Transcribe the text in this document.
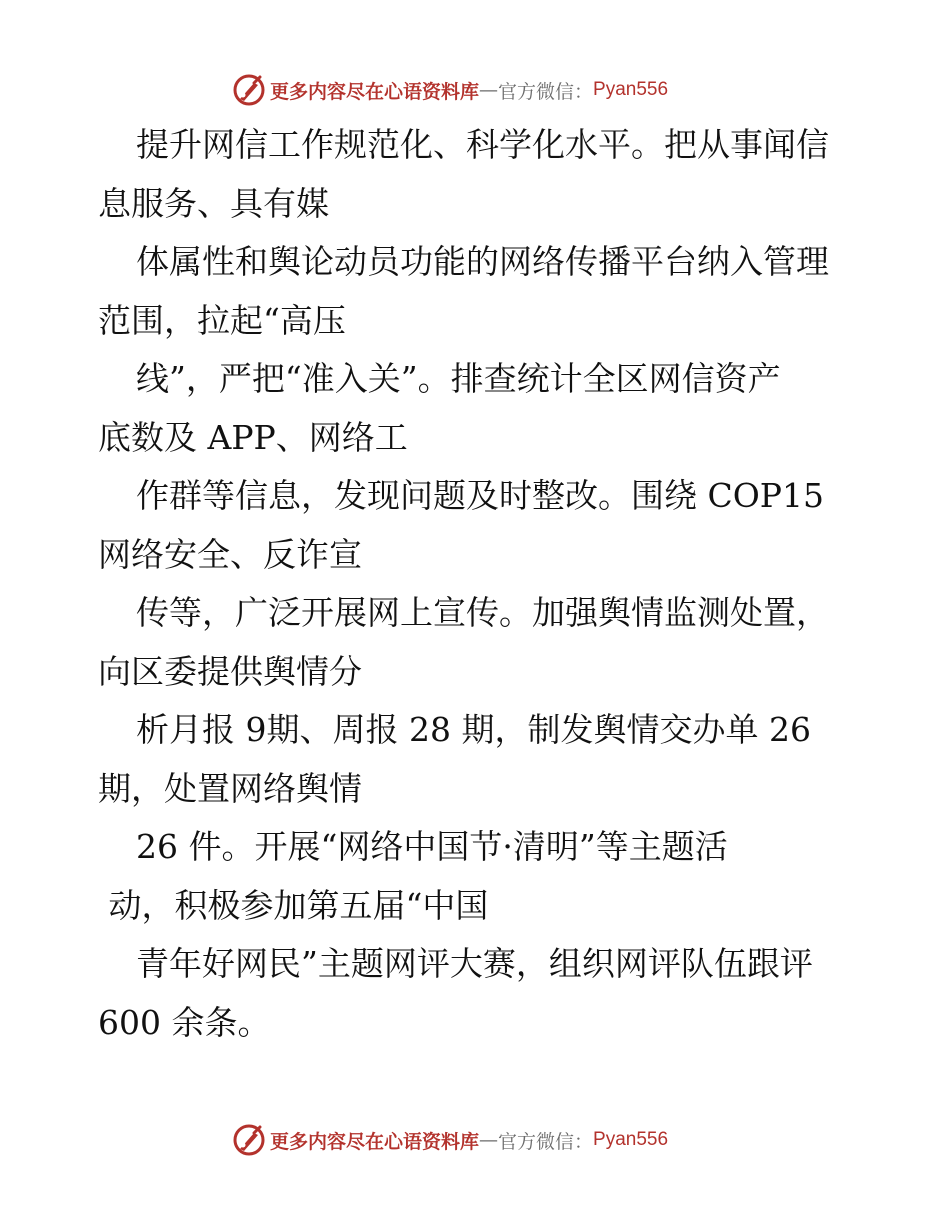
更多内容尽在心语资料库 — 官方微信： Pyan556
提升网信工作规范化、科学化水平。把从事闻信
息服务、具有媒
体属性和舆论动员功能的网络传播平台纳入管理
范围，拉起“高压
线”，严把“准入关”。排查统计全区网信资产
底数及 APP、网络工
作群等信息，发现问题及时整改。围绕 COP15
网络安全、反诈宣
传等，广泛开展网上宣传。加强舆情监测处置，
向区委提供舆情分
析月报 9期、周报 28 期，制发舆情交办单 26
期，处置网络舆情
26 件。开展“网络中国节·清明”等主题活
动，积极参加第五届“中国
青年好网民”主题网评大赛，组织网评队伍跟评
600 余条。
更多内容尽在心语资料库 — 官方微信： Pyan556
